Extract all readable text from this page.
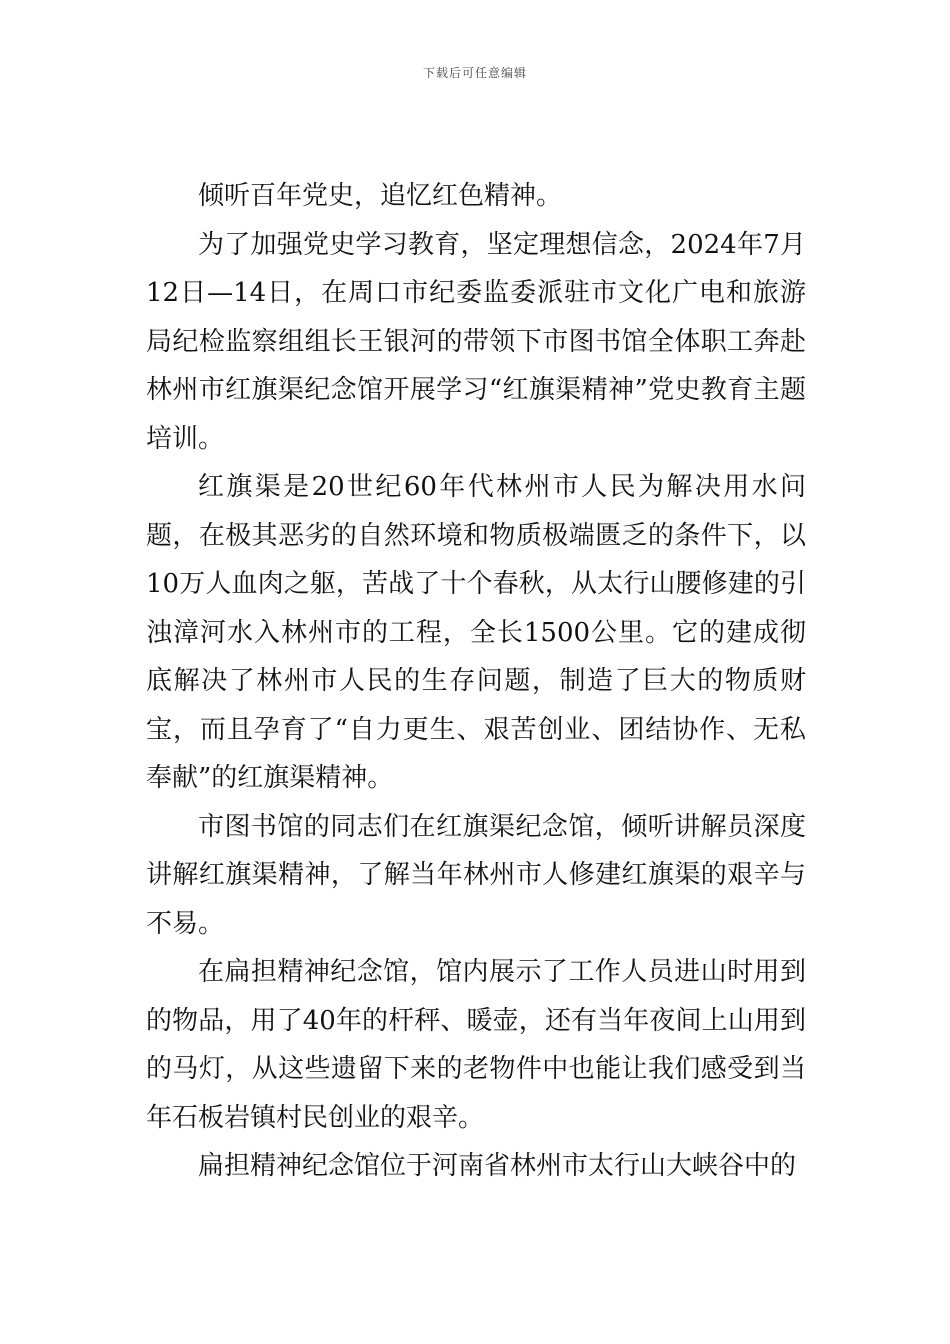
下载后可任意编辑

倾听百年党史，追忆红色精神。

为了加强党史学习教育，坚定理想信念，2024年7月12日—14日，在周口市纪委监委派驻市文化广电和旅游局纪检监察组组长王银河的带领下市图书馆全体职工奔赴林州市红旗渠纪念馆开展学习“红旗渠精神”党史教育主题培训。

红旗渠是20世纪60年代林州市人民为解决用水问题，在极其恶劣的自然环境和物质极端匮乏的条件下，以10万人血肉之躯，苦战了十个春秋，从太行山腰修建的引浊漳河水入林州市的工程，全长1500公里。它的建成彻底解决了林州市人民的生存问题，制造了巨大的物质财宝，而且孕育了“自力更生、艰苦创业、团结协作、无私奉献”的红旗渠精神。

市图书馆的同志们在红旗渠纪念馆，倾听讲解员深度讲解红旗渠精神，了解当年林州市人修建红旗渠的艰辛与不易。

在扁担精神纪念馆，馆内展示了工作人员进山时用到的物品，用了40年的杆秤、暖壶，还有当年夜间上山用到的马灯，从这些遗留下来的老物件中也能让我们感受到当年石板岩镇村民创业的艰辛。

扁担精神纪念馆位于河南省林州市太行山大峡谷中的
